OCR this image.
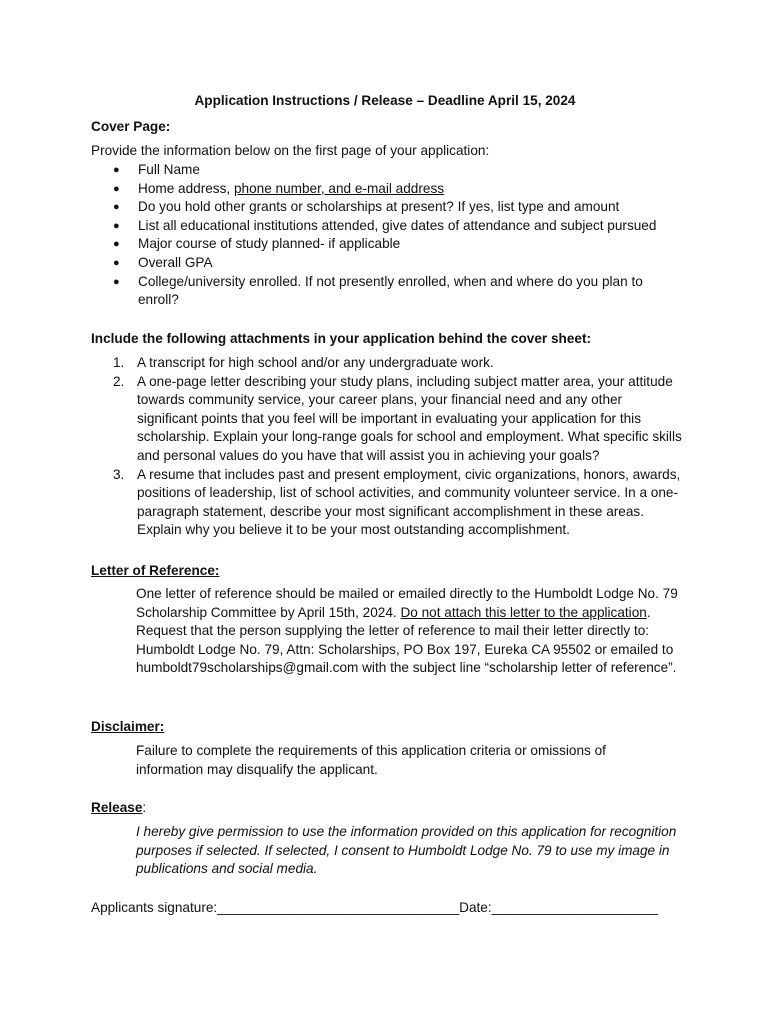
Application Instructions / Release – Deadline April 15, 2024
Cover Page:
Provide the information below on the first page of your application:
●	Full Name
●	Home address, phone number, and e-mail address
●	Do you hold other grants or scholarships at present? If yes, list type and amount
●	List all educational institutions attended, give dates of attendance and subject pursued
●	Major course of study planned- if applicable
●	Overall GPA
●	College/university enrolled. If not presently enrolled, when and where do you plan to enroll?
Include the following attachments in your application behind the cover sheet:
1. A transcript for high school and/or any undergraduate work.
2. A one-page letter describing your study plans, including subject matter area, your attitude towards community service, your career plans, your financial need and any other significant points that you feel will be important in evaluating your application for this scholarship. Explain your long-range goals for school and employment. What specific skills and personal values do you have that will assist you in achieving your goals?
3. A resume that includes past and present employment, civic organizations, honors, awards, positions of leadership, list of school activities, and community volunteer service. In a one-paragraph statement, describe your most significant accomplishment in these areas. Explain why you believe it to be your most outstanding accomplishment.
Letter of Reference:
One letter of reference should be mailed or emailed directly to the Humboldt Lodge No. 79 Scholarship Committee by April 15th, 2024. Do not attach this letter to the application. Request that the person supplying the letter of reference to mail their letter directly to: Humboldt Lodge No. 79, Attn: Scholarships, PO Box 197, Eureka CA 95502 or emailed to humboldt79scholarships@gmail.com with the subject line “scholarship letter of reference”.
Disclaimer:
Failure to complete the requirements of this application criteria or omissions of information may disqualify the applicant.
Release:
I hereby give permission to use the information provided on this application for recognition purposes if selected. If selected, I consent to Humboldt Lodge No. 79 to use my image in publications and social media.
Applicants signature:________________________________Date:______________________
